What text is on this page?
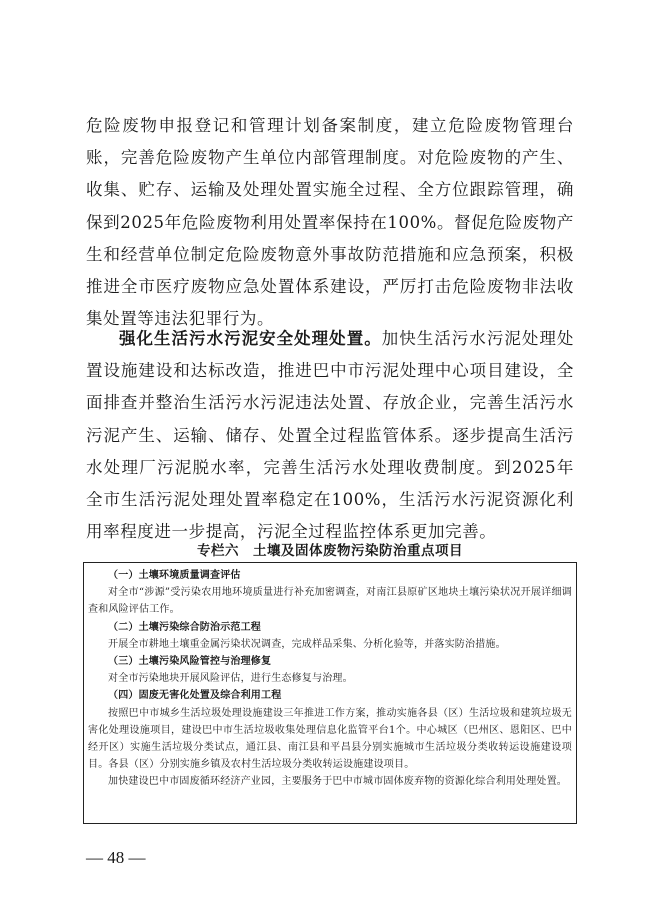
危险废物申报登记和管理计划备案制度，建立危险废物管理台账，完善危险废物产生单位内部管理制度。对危险废物的产生、收集、贮存、运输及处理处置实施全过程、全方位跟踪管理，确保到2025年危险废物利用处置率保持在100%。督促危险废物产生和经营单位制定危险废物意外事故防范措施和应急预案，积极推进全市医疗废物应急处置体系建设，严厉打击危险废物非法收集处置等违法犯罪行为。

强化生活污水污泥安全处理处置。加快生活污水污泥处理处置设施建设和达标改造，推进巴中市污泥处理中心项目建设，全面排查并整治生活污水污泥违法处置、存放企业，完善生活污水污泥产生、运输、储存、处置全过程监管体系。逐步提高生活污水处理厂污泥脱水率，完善生活污水处理收费制度。到2025年全市生活污泥处理处置率稳定在100%，生活污水污泥资源化利用率程度进一步提高，污泥全过程监控体系更加完善。

专栏六　土壤及固体废物污染防治重点项目

（一）土壤环境质量调查评估

对全市“涉源”受污染农用地环境质量进行补充加密调查，对南江县原矿区地块土壤污染状况开展详细调查和风险评估工作。

（二）土壤污染综合防治示范工程

开展全市耕地土壤重金属污染状况调查，完成样品采集、分析化验等，并落实防治措施。

（三）土壤污染风险管控与治理修复

对全市污染地块开展风险评估，进行生态修复与治理。

（四）固废无害化处置及综合利用工程

按照巴中市城乡生活垃圾处理设施建设三年推进工作方案，推动实施各县（区）生活垃圾和建筑垃圾无害化处理设施项目，建设巴中市生活垃圾收集处理信息化监管平台1个。中心城区（巴州区、恩阳区、巴中经开区）实施生活垃圾分类试点，通江县、南江县和平昌县分别实施城市生活垃圾分类收转运设施建设项目。各县（区）分别实施乡镇及农村生活垃圾分类收转运设施建设项目。

加快建设巴中市固废循环经济产业园，主要服务于巴中市城市固体废弃物的资源化综合利用处理处置。

— 48 —
